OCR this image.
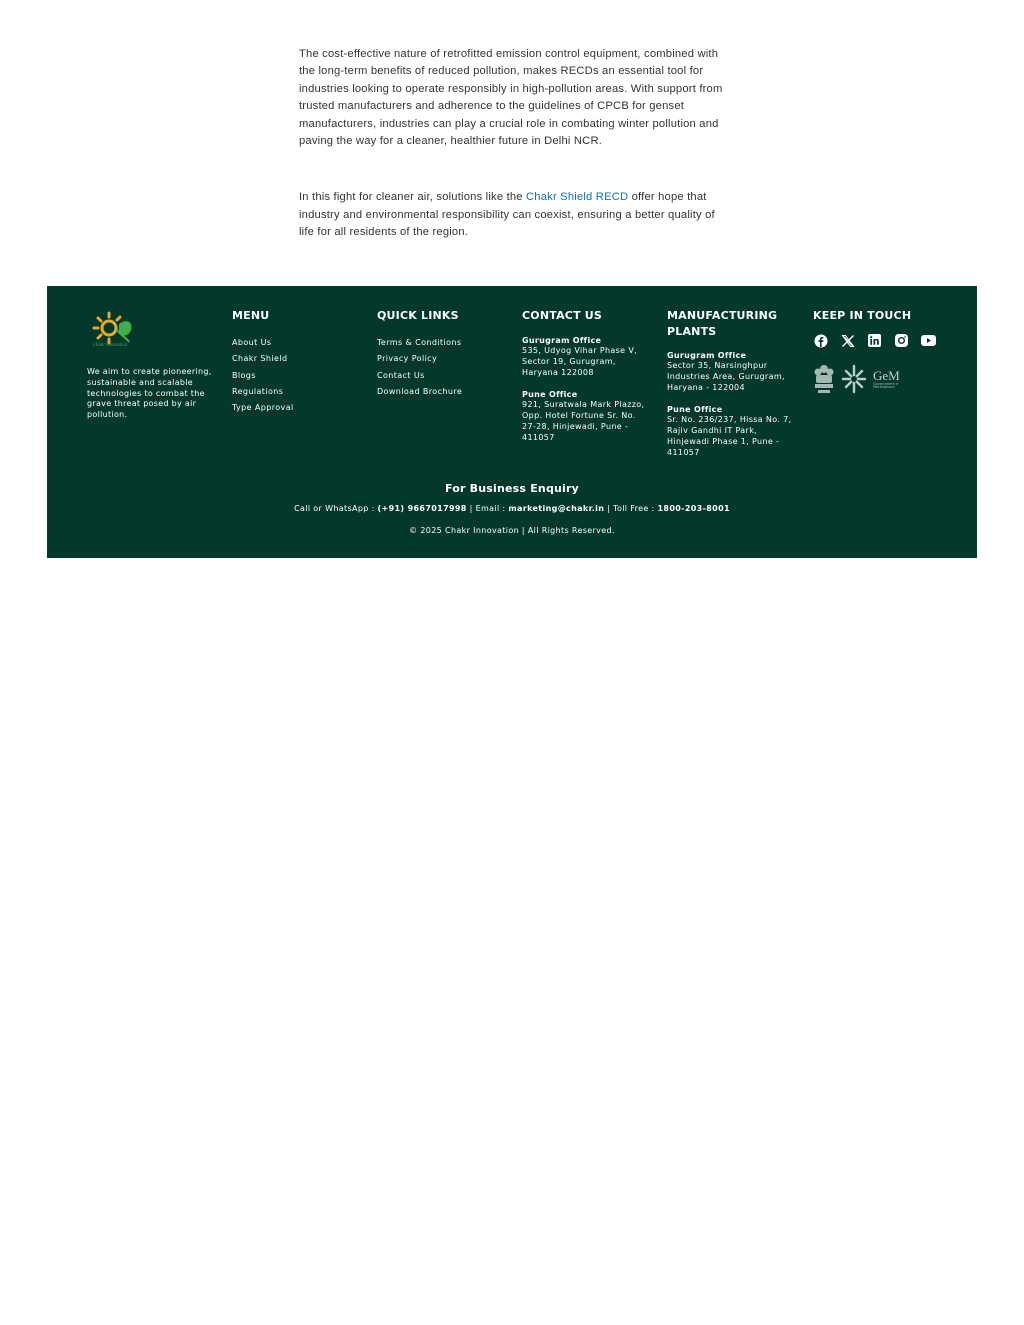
The cost-effective nature of retrofitted emission control equipment, combined with the long-term benefits of reduced pollution, makes RECDs an essential tool for industries looking to operate responsibly in high-pollution areas. With support from trusted manufacturers and adherence to the guidelines of CPCB for genset manufacturers, industries can play a crucial role in combating winter pollution and paving the way for a cleaner, healthier future in Delhi NCR.

In this fight for cleaner air, solutions like the Chakr Shield RECD offer hope that industry and environmental responsibility can coexist, ensuring a better quality of life for all residents of the region.

Chakr Innovation
We aim to create pioneering, sustainable and scalable technologies to combat the grave threat posed by air pollution.
MENU
About Us
Chakr Shield
Blogs
Regulations
Type Approval
QUICK LINKS
Terms & Conditions
Privacy Policy
Contact Us
Download Brochure
CONTACT US
Gurugram Office
535, Udyog Vihar Phase V, Sector 19, Gurugram, Haryana 122008
Pune Office
921, Suratwala Mark Plazzo, Opp. Hotel Fortune Sr. No. 27-28, Hinjewadi, Pune - 411057
MANUFACTURING PLANTS
Gurugram Office
Sector 35, Narsinghpur Industries Area, Gurugram, Haryana - 122004
Pune Office
Sr. No. 236/237, Hissa No. 7, Rajiv Gandhi IT Park, Hinjewadi Phase 1, Pune - 411057
KEEP IN TOUCH
GeM
Government e Marketplace
For Business Enquiry
Call or WhatsApp : (+91) 9667017998 | Email : marketing@chakr.in | Toll Free : 1800-203-8001
© 2025 Chakr Innovation | All Rights Reserved.
